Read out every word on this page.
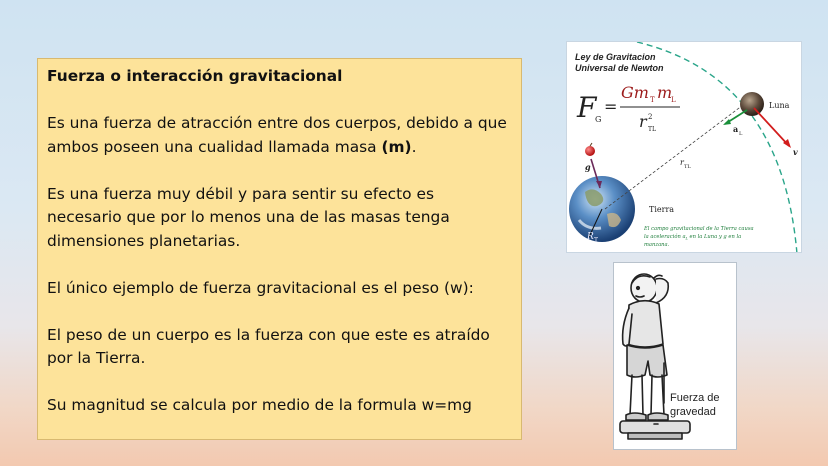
Fuerza o interacción gravitacional

Es una fuerza de atracción entre dos cuerpos, debido a que ambos poseen una cualidad llamada masa (m).

Es una fuerza muy débil y para sentir su efecto es necesario que por lo menos una de las masas tenga dimensiones planetarias.

El único ejemplo de fuerza gravitacional es el peso (w):

El peso de un cuerpo es la fuerza con que este es atraído por la Tierra.

Su magnitud se calcula por medio de la formula w=mg

Ley de Gravitacion
Universal de Newton
F
G
=
Gm T m
L
r 2
TL
R T
Tierra
g	r TL
Luna
a L
v
El campo gravitacional de la Tierra causa
la aceleración $a_L$ en la Luna y g en la
manzana.
Fuerza de
gravedad
